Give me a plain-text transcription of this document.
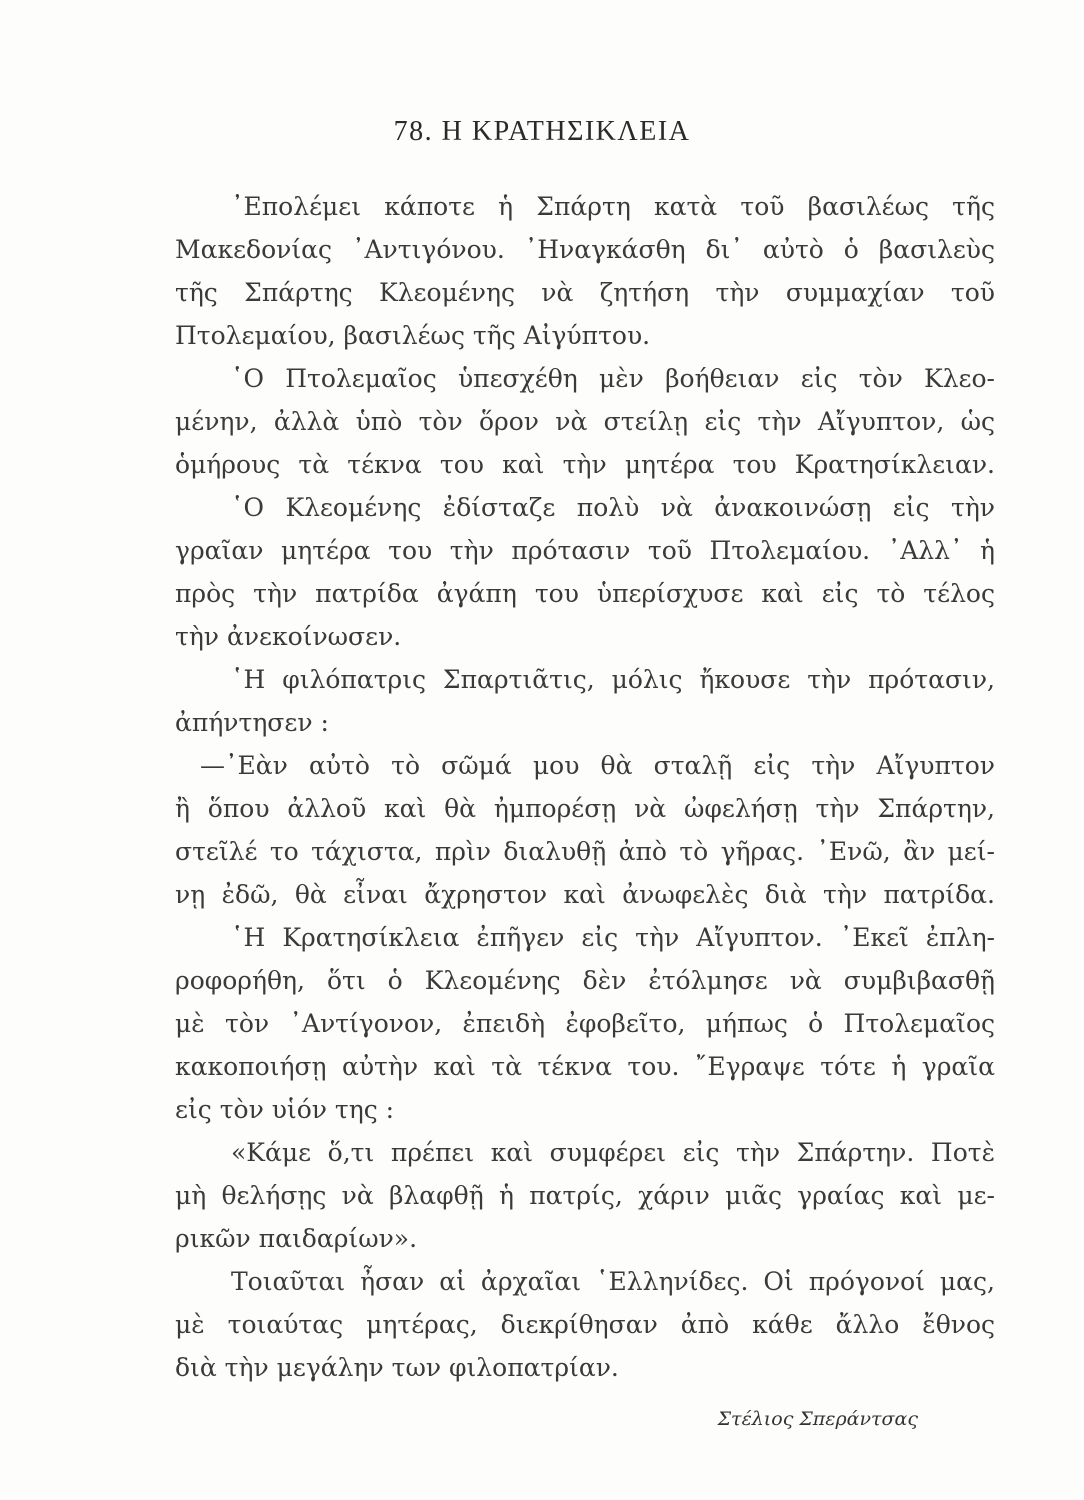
78. Η ΚΡΑΤΗΣΙΚΛΕΙΑ
᾿Επολέμει κάποτε ἡ Σπάρτη κατὰ τοῦ βασιλέως τῆς
Μακεδονίας ᾿Αντιγόνου. ᾿Ηναγκάσθη δι᾿ αὐτὸ ὁ βασιλεὺς
τῆς Σπάρτης Κλεομένης νὰ ζητήση τὴν συμμαχίαν τοῦ
Πτολεμαίου, βασιλέως τῆς Αἰγύπτου.
῾Ο Πτολεμαῖος ὑπεσχέθη μὲν βοήθειαν εἰς τὸν Κλεο-
μένην, ἀλλὰ ὑπὸ τὸν ὅρον νὰ στείλῃ εἰς τὴν Αἴγυπτον, ὡς
ὁμήρους τὰ τέκνα του καὶ τὴν μητέρα του Κρατησίκλειαν.
῾Ο Κλεομένης ἐδίσταζε πολὺ νὰ ἀνακοινώσῃ εἰς τὴν
γραῖαν μητέρα του τὴν πρότασιν τοῦ Πτολεμαίου. ᾿Αλλ᾿ ἡ
πρὸς τὴν πατρίδα ἀγάπη του ὑπερίσχυσε καὶ εἰς τὸ τέλος
τὴν ἀνεκοίνωσεν.
῾Η φιλόπατρις Σπαρτιᾶτις, μόλις ἤκουσε τὴν πρότασιν,
ἀπήντησεν :
—᾿Εὰν αὐτὸ τὸ σῶμά μου θὰ σταλῇ εἰς τὴν Αἴγυπτον
ἢ ὅπου ἀλλοῦ καὶ θὰ ἠμπορέσῃ νὰ ὠφελήσῃ τὴν Σπάρτην,
στεῖλέ το τάχιστα, πρὶν διαλυθῇ ἀπὸ τὸ γῆρας. ᾿Ενῶ, ἂν μεί-
νῃ ἐδῶ, θὰ εἶναι ἄχρηστον καὶ ἀνωφελὲς διὰ τὴν πατρίδα.
῾Η Κρατησίκλεια ἐπῆγεν εἰς τὴν Αἴγυπτον. ᾿Εκεῖ ἐπλη-
ροφορήθη, ὅτι ὁ Κλεομένης δὲν ἐτόλμησε νὰ συμβιβασθῇ
μὲ τὸν ᾿Αντίγονον, ἐπειδὴ ἐφοβεῖτο, μήπως ὁ Πτολεμαῖος
κακοποιήσῃ αὐτὴν καὶ τὰ τέκνα του. ῎Εγραψε τότε ἡ γραῖα
εἰς τὸν υἱόν της :
«Κάμε ὅ,τι πρέπει καὶ συμφέρει εἰς τὴν Σπάρτην. Ποτὲ
μὴ θελήσῃς νὰ βλαφθῇ ἡ πατρίς, χάριν μιᾶς γραίας καὶ με-
ρικῶν παιδαρίων».
Τοιαῦται ἦσαν αἱ ἀρχαῖαι ῾Ελληνίδες. Οἱ πρόγονοί μας,
μὲ τοιαύτας μητέρας, διεκρίθησαν ἀπὸ κάθε ἄλλο ἔθνος
διὰ τὴν μεγάλην των φιλοπατρίαν.
Στέλιος Σπεράντσας
